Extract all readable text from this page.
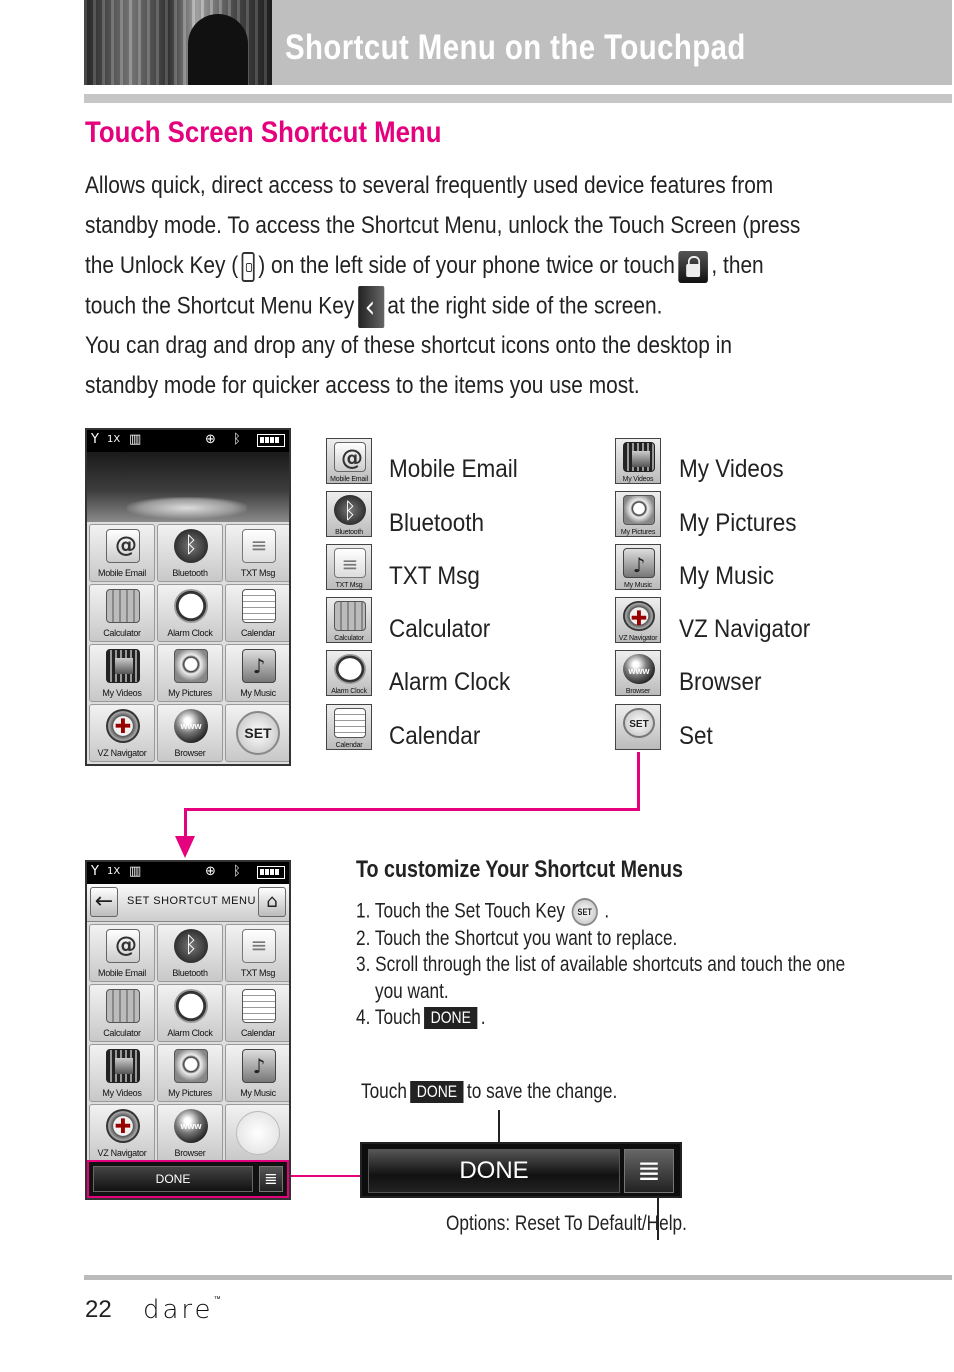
Shortcut Menu on the Touchpad
Touch Screen Shortcut Menu
Allows quick, direct access to several frequently used device features from
standby mode. To access the Shortcut Menu, unlock the Touch Screen (press
the Unlock Key ( ) on the left side of your phone twice or touch , then
touch the Shortcut Menu Key‹ at the right side of the screen.
You can drag and drop any of these shortcut icons onto the desktop in
standby mode for quicker access to the items you use most.
Y 1X ▥	⊕ ᛒ
@
Mobile Email
ᛒ	Bluetooth
≡	TXT Msg
Calculator	Alarm Clock	Calendar
My Videos	My Pictures
♪	My Music
✚
VZ Navigator
www	Browser
SET
@
Mobile Email Mobile Email
ᛒ
Bluetooth	Bluetooth
≡
TXT Msg	TXT Msg
Calculator Calculator
Alarm Clock Alarm Clock
Calendar	Calendar
My Videos My Videos
My Pictures My Pictures
♪
My Music	My Music
✚
VZ Navigator VZ Navigator
www
Browser	Browser
SET
Set
Y 1X ▥	⊕ ᛒ
←	SET SHORTCUT MENU ⌂
@
Mobile Email
ᛒ	Bluetooth
≡	TXT Msg
Calculator	Alarm Clock	Calendar
My Videos	My Pictures
♪	My Music
✚
VZ Navigator
www	Browser
DONE	≣
To customize Your Shortcut Menus
1. Touch the Set Touch Key SET .
2. Touch the Shortcut you want to replace.
3. Scroll through the list of available shortcuts and touch the one
you want.
4. Touch DONE .
Touch DONE to save the change.
DONE	≣
Options: Reset To Default/Help.
22 dare™
